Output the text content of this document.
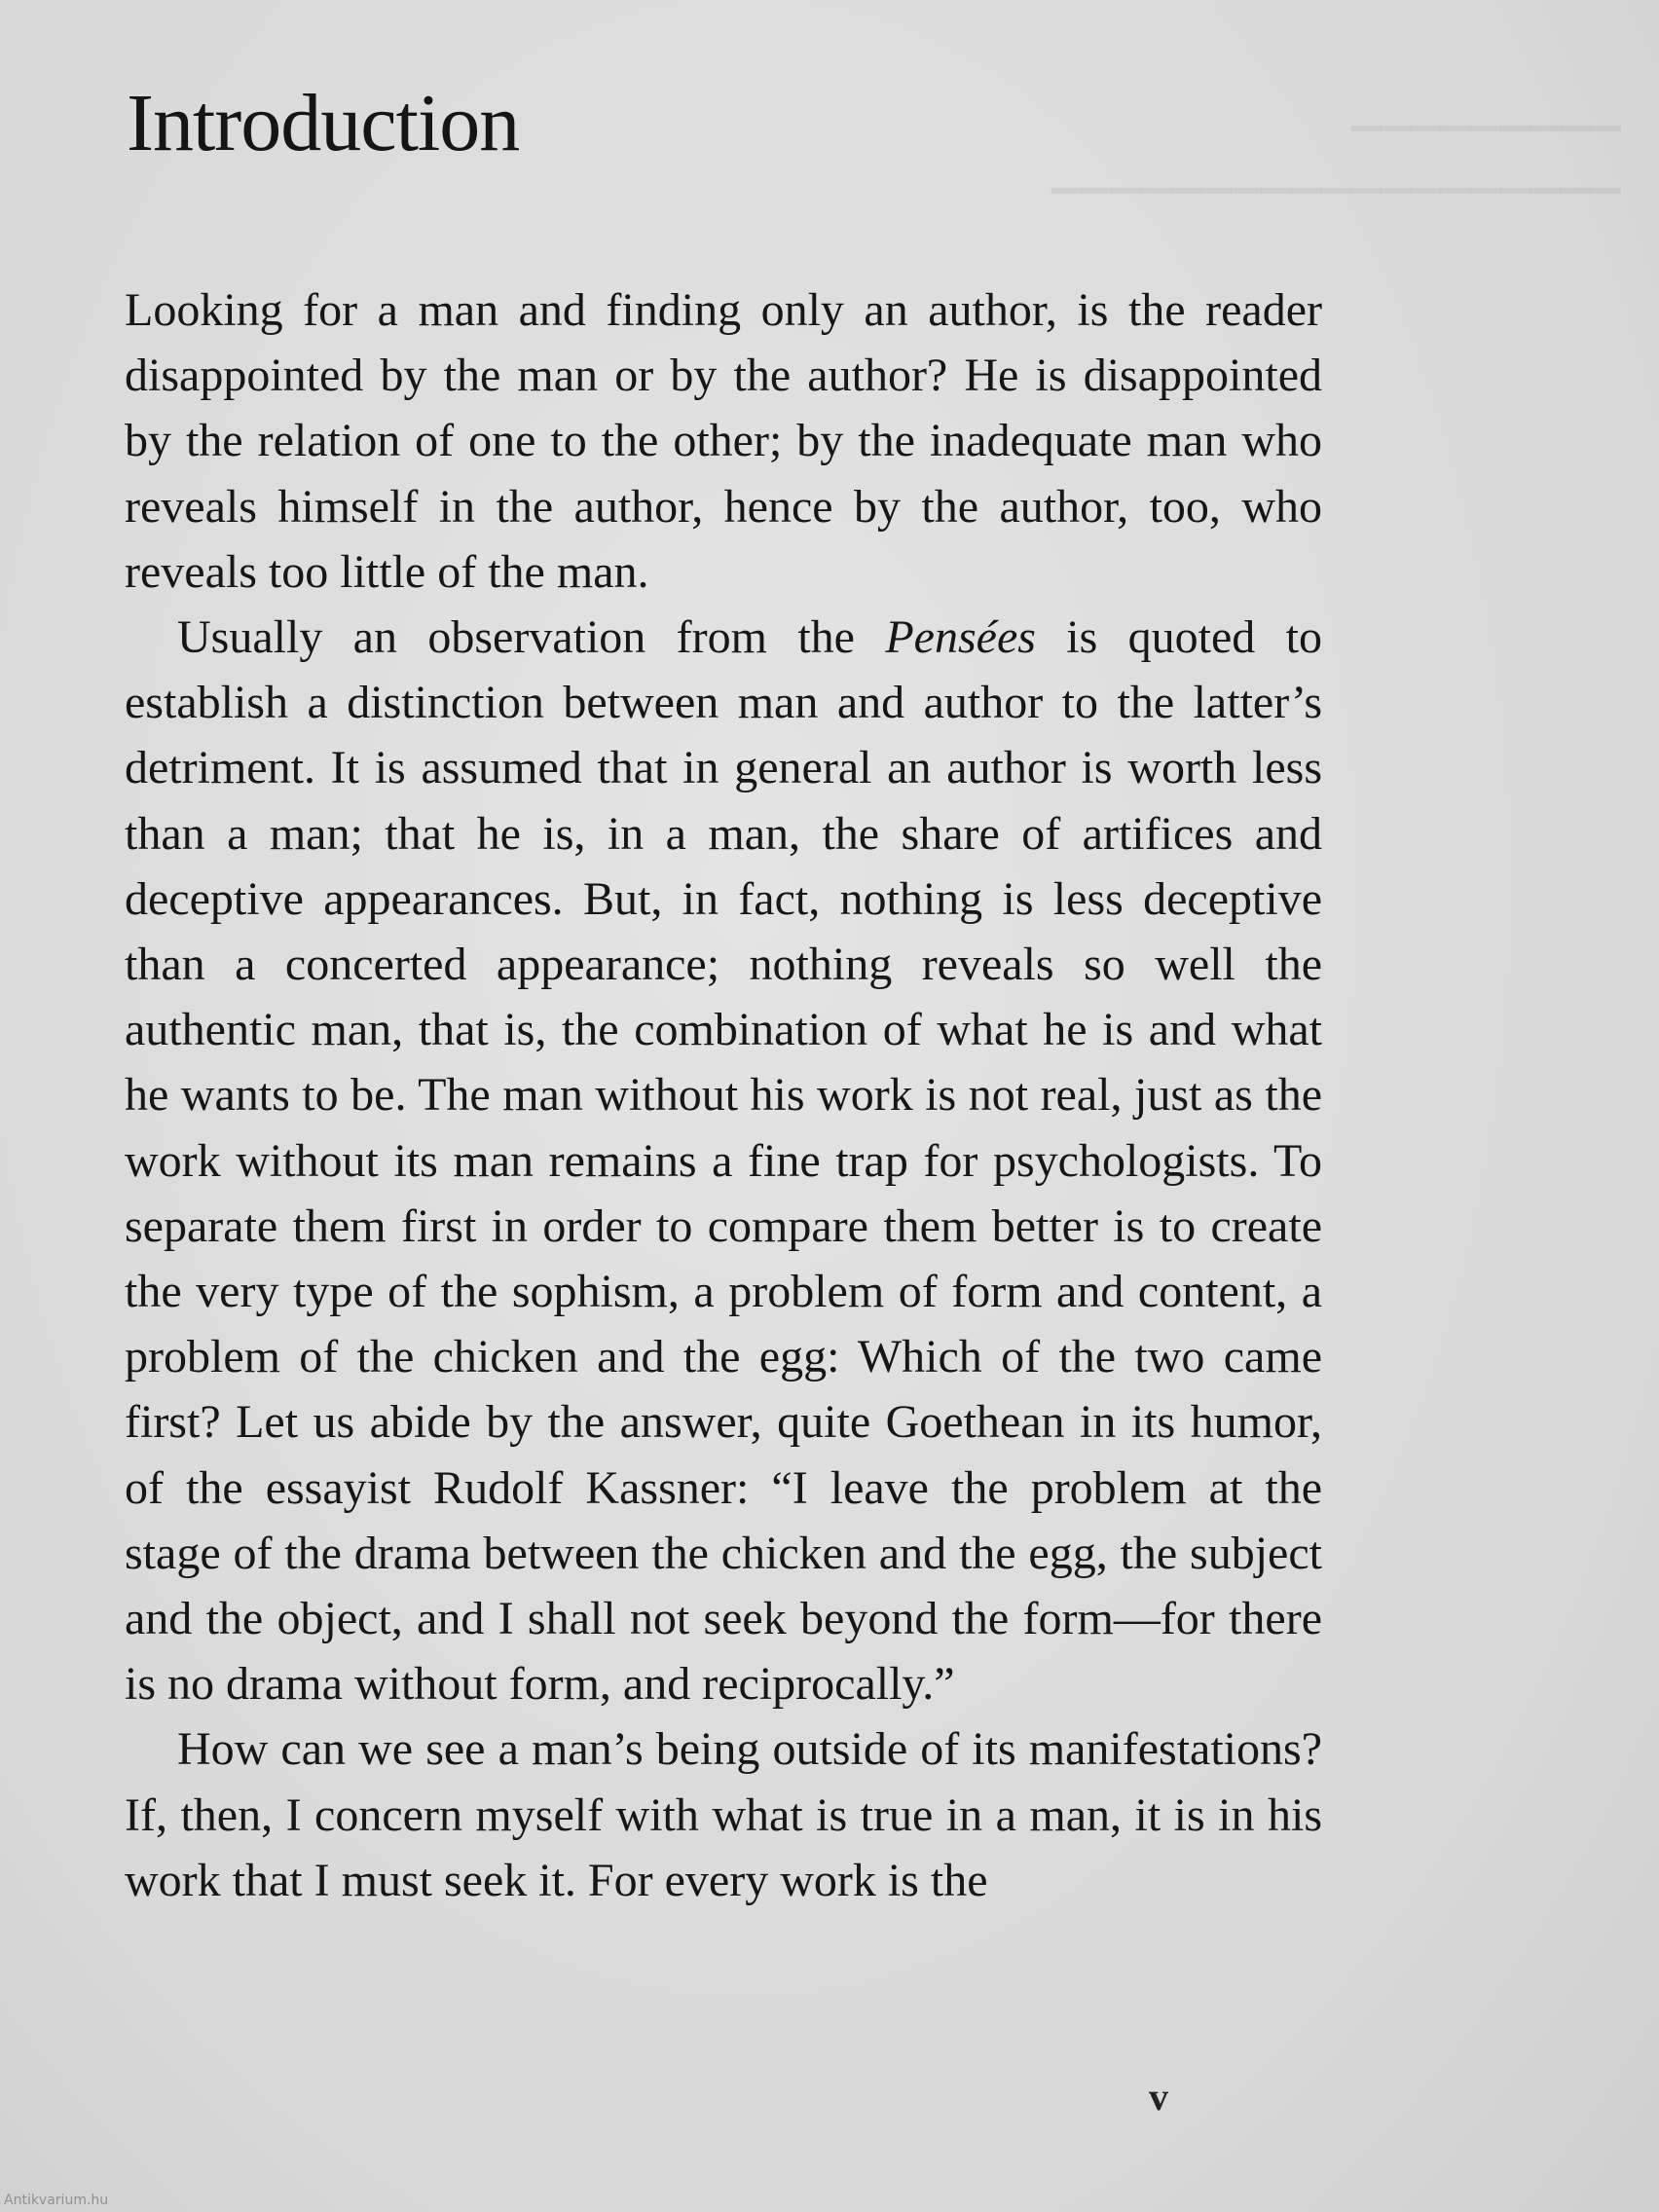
▁▁▁▁▁▁▁▁▁
▁▁▁▁▁▁▁▁▁▁▁▁▁▁▁▁▁▁▁
Introduction

Looking for a man and finding only an author, is the reader disappointed by the man or by the author? He is disappointed by the relation of one to the other; by the inadequate man who reveals himself in the author, hence by the author, too, who reveals too little of the man.

Usually an observation from the Pensées is quoted to establish a distinction between man and author to the latter’s detriment. It is assumed that in general an author is worth less than a man; that he is, in a man, the share of artifices and deceptive appearances. But, in fact, nothing is less deceptive than a concerted appearance; nothing reveals so well the authentic man, that is, the combination of what he is and what he wants to be. The man without his work is not real, just as the work without its man remains a fine trap for psychologists. To separate them first in order to compare them better is to create the very type of the sophism, a problem of form and content, a problem of the chicken and the egg: Which of the two came first? Let us abide by the answer, quite Goethean in its humor, of the essayist Rudolf Kassner: “I leave the problem at the stage of the drama between the chicken and the egg, the subject and the object, and I shall not seek beyond the form—for there is no drama without form, and reciprocally.”

How can we see a man’s being outside of its manifestations? If, then, I concern myself with what is true in a man, it is in his work that I must seek it. For every work is the

v
Antikvarium.hu
